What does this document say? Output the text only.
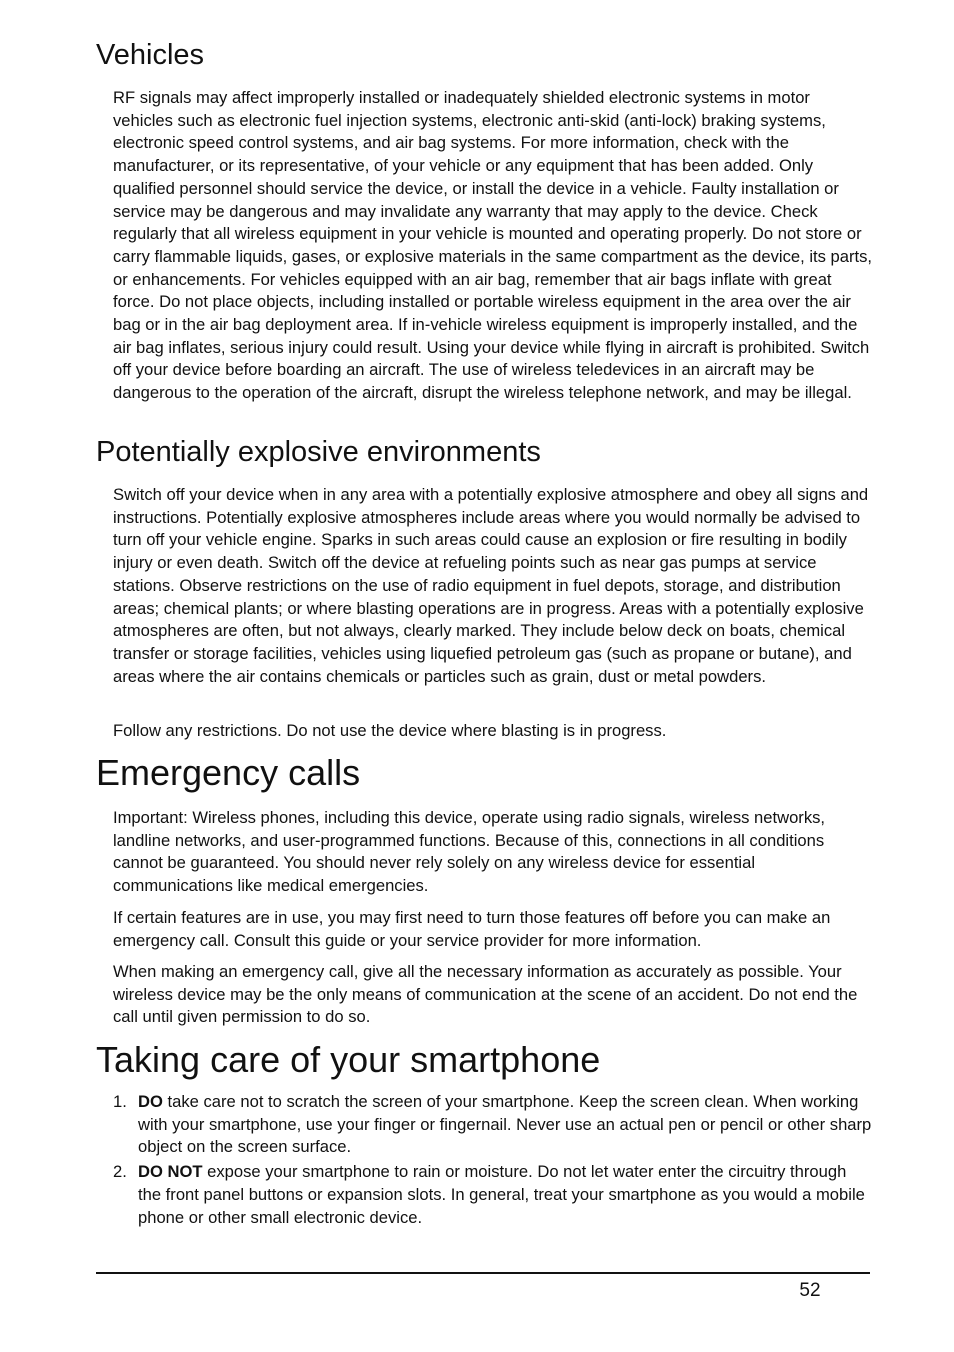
Vehicles

RF signals may affect improperly installed or inadequately shielded electronic systems in motor vehicles such as electronic fuel injection systems, electronic anti-skid (anti-lock) braking systems, electronic speed control systems, and air bag systems. For more information, check with the manufacturer, or its representative, of your vehicle or any equipment that has been added. Only qualified personnel should service the device, or install the device in a vehicle. Faulty installation or service may be dangerous and may invalidate any warranty that may apply to the device. Check regularly that all wireless equipment in your vehicle is mounted and operating properly. Do not store or carry flammable liquids, gases, or explosive materials in the same compartment as the device, its parts, or enhancements. For vehicles equipped with an air bag, remember that air bags inflate with great force. Do not place objects, including installed or portable wireless equipment in the area over the air bag or in the air bag deployment area. If in-vehicle wireless equipment is improperly installed, and the air bag inflates, serious injury could result. Using your device while flying in aircraft is prohibited. Switch off your device before boarding an aircraft. The use of wireless teledevices in an aircraft may be dangerous to the operation of the aircraft, disrupt the wireless telephone network, and may be illegal.

Potentially explosive environments

Switch off your device when in any area with a potentially explosive atmosphere and obey all signs and instructions. Potentially explosive atmospheres include areas where you would normally be advised to turn off your vehicle engine. Sparks in such areas could cause an explosion or fire resulting in bodily injury or even death. Switch off the device at refueling points such as near gas pumps at service stations. Observe restrictions on the use of radio equipment in fuel depots, storage, and distribution areas; chemical plants; or where blasting operations are in progress. Areas with a potentially explosive atmospheres are often, but not always, clearly marked. They include below deck on boats, chemical transfer or storage facilities, vehicles using liquefied petroleum gas (such as propane or butane), and areas where the air contains chemicals or particles such as grain, dust or metal powders.

Follow any restrictions. Do not use the device where blasting is in progress.

Emergency calls

Important: Wireless phones, including this device, operate using radio signals, wireless networks, landline networks, and user-programmed functions. Because of this, connections in all conditions cannot be guaranteed. You should never rely solely on any wireless device for essential communications like medical emergencies.

If certain features are in use, you may first need to turn those features off before you can make an emergency call. Consult this guide or your service provider for more information.

When making an emergency call, give all the necessary information as accurately as possible. Your wireless device may be the only means of communication at the scene of an accident. Do not end the call until given permission to do so.

Taking care of your smartphone
1. DO take care not to scratch the screen of your smartphone. Keep the screen clean. When working with your smartphone, use your finger or fingernail. Never use an actual pen or pencil or other sharp object on the screen surface.
2. DO NOT expose your smartphone to rain or moisture. Do not let water enter the circuitry through the front panel buttons or expansion slots. In general, treat your smartphone as you would a mobile phone or other small electronic device.
52
